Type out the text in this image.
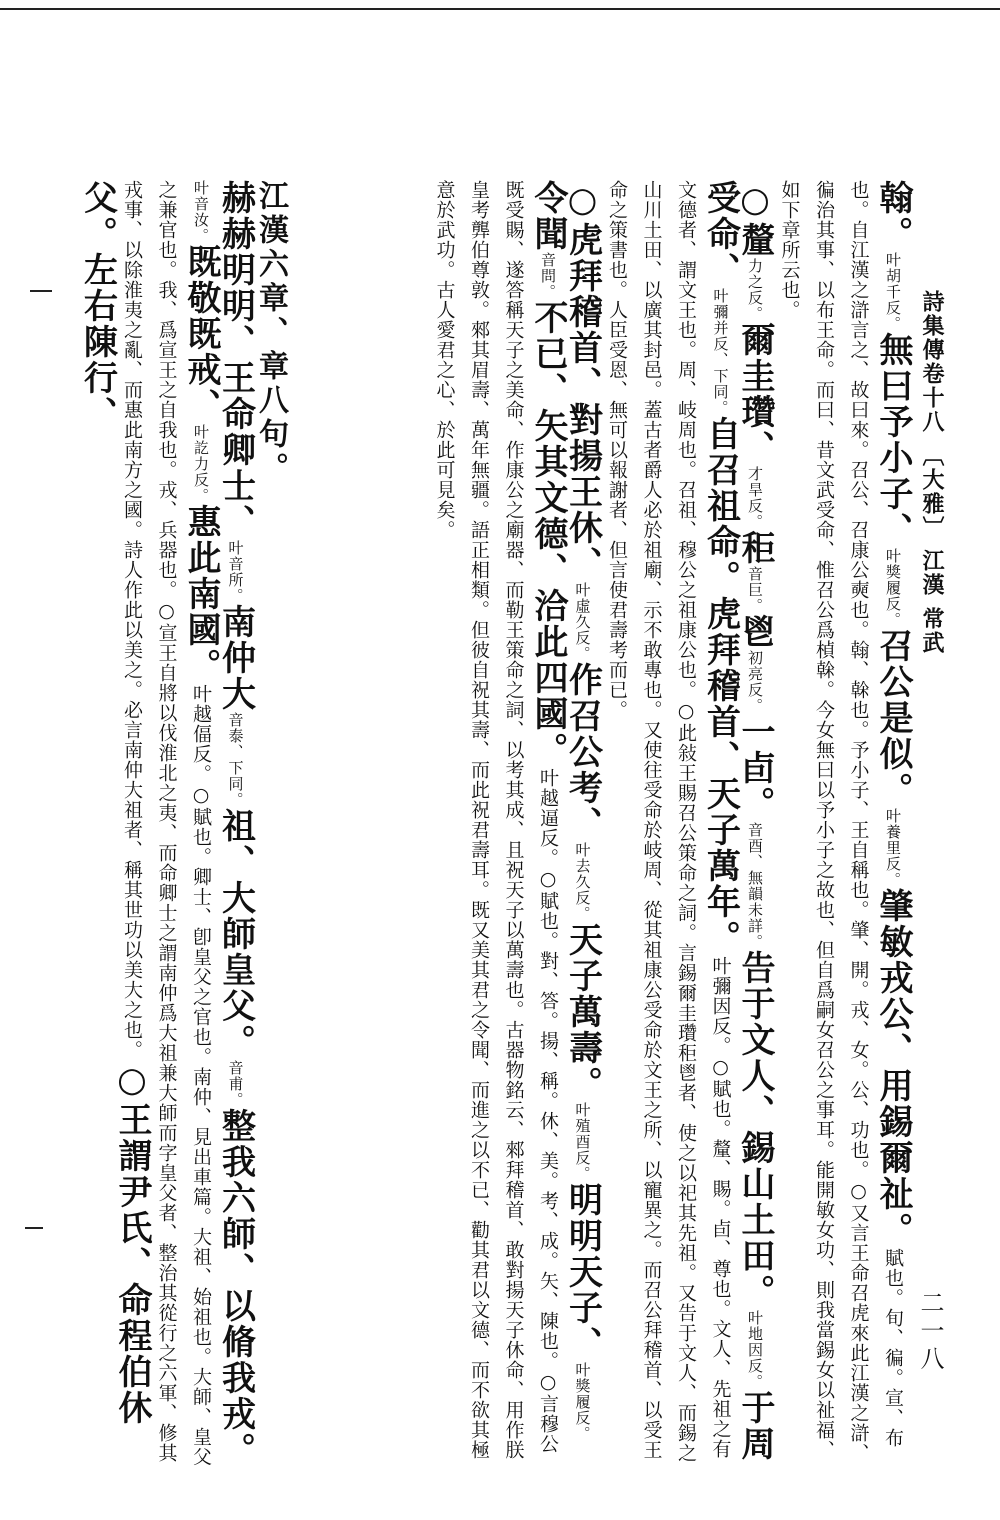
詩集傳卷十八 〔大雅〕 江漢 常武
二一八
翰。叶胡千反。無曰予小子、叶獎履反。召公是似。叶養里反。肇敏戎公、用錫爾祉。賦也。旬、徧。宣、布也。自江漢之滸言之、故曰來。召公、召康公奭也。翰、榦也。予小子、王自稱也。肇、開。戎、女。公、功也。○又言王命召虎來此江漢之滸、徧治其事、以布王命。而曰、昔文武受命、惟召公爲楨榦。今女無曰以予小子之故也、但自爲嗣女召公之事耳。能開敏女功、則我當錫女以祉福、如下章所云也。
○釐力之反。爾圭瓚、才旱反。秬音巨。鬯初亮反。一卣。音酉、無韻未詳。告于文人、錫山土田。叶地因反。于周受命、叶彌并反、下同。自召祖命。虎拜稽首、天子萬年。叶彌因反。○賦也。釐、賜。卣、尊也。文人、先祖之有文德者、謂文王也。周、岐周也。召祖、穆公之祖康公也。○此敍王賜召公策命之詞。言錫爾圭瓚秬鬯者、使之以祀其先祖。又告于文人、而錫之山川土田、以廣其封邑。蓋古者爵人必於祖廟、示不敢專也。又使往受命於岐周、從其祖康公受命於文王之所、以寵異之。而召公拜稽首、以受王命之策書也。人臣受恩、無可以報謝者、但言使君壽考而已。
○虎拜稽首、對揚王休、叶虛久反。作召公考、叶去久反。天子萬壽。叶殖酉反。明明天子、叶獎履反。令聞音問。不已、矢其文德、洽此四國。叶越逼反。○賦也。對、答。揚、稱。休、美。考、成。矢、陳也。○言穆公既受賜、遂答稱天子之美命、作康公之廟器、而勒王策命之詞、以考其成、且祝天子以萬壽也。古器物銘云、郲拜稽首、敢對揚天子休命、用作朕皇考龏伯尊敦。郲其眉壽、萬年無疆。語正相類。但彼自祝其壽、而此祝君壽耳。既又美其君之令聞、而進之以不已、勸其君以文德、而不欲其極意於武功。古人愛君之心、於此可見矣。
江漢六章、章八句。
赫赫明明、王命卿士、叶音所。南仲大音泰、下同。祖、大師皇父。音甫。整我六師、以脩我戎。叶音汝。既敬既戒、叶訖力反。惠此南國。叶越偪反。○賦也。卿士、卽皇父之官也。南仲、見出車篇。大祖、始祖也。大師、皇父之兼官也。我、爲宣王之自我也。戎、兵器也。○宣王自將以伐淮北之夷、而命卿士之謂南仲爲大祖兼大師而字皇父者、整治其從行之六軍、修其戎事、以除淮夷之亂、而惠此南方之國。詩人作此以美之。必言南仲大祖者、稱其世功以美大之也。○王謂尹氏、命程伯休父。左右陳行、
